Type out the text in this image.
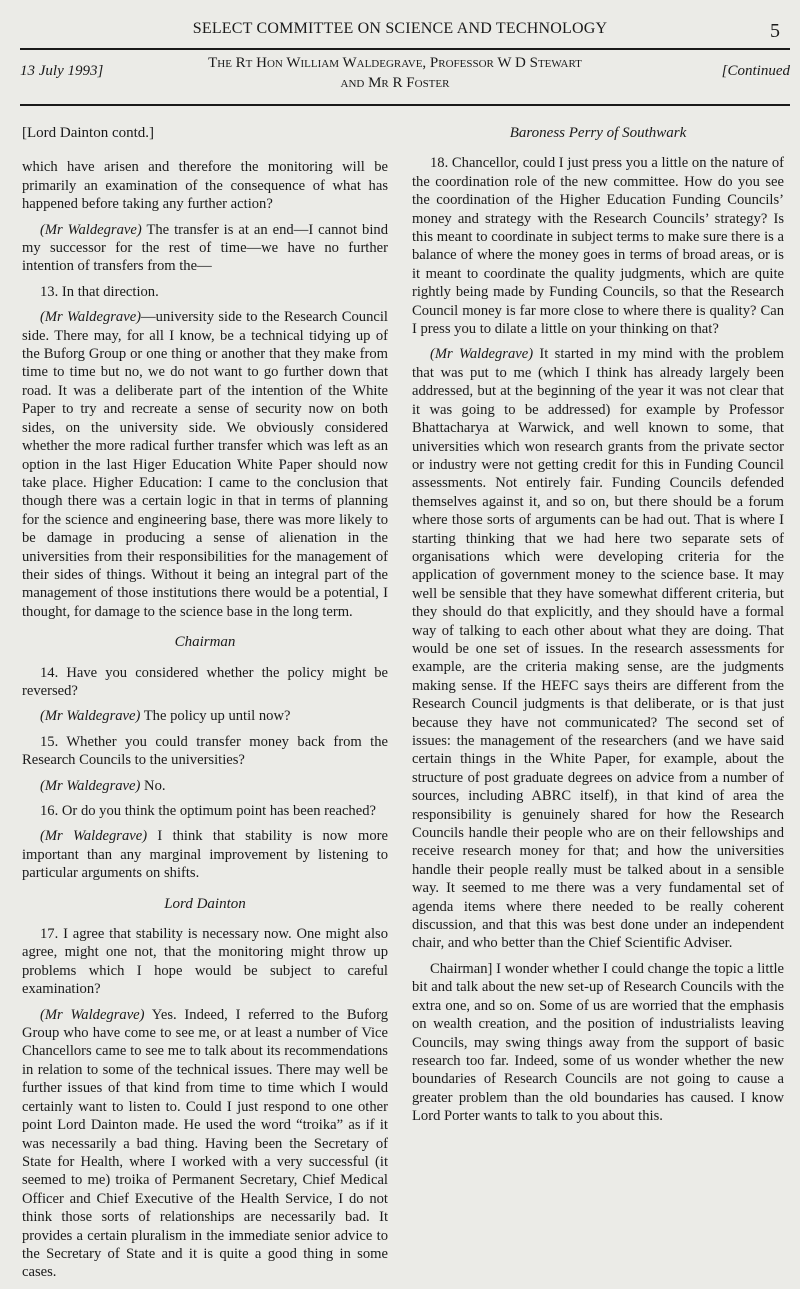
SELECT COMMITTEE ON SCIENCE AND TECHNOLOGY	5
13 July 1993]	The Rt Hon William Waldegrave, Professor W D Stewart
and Mr R Foster
[Continued
[Lord Dainton contd.]

which have arisen and therefore the monitoring will be primarily an examination of the consequence of what has happened before taking any further action?

(Mr Waldegrave) The transfer is at an end—I cannot bind my successor for the rest of time—we have no further intention of transfers from the—

13. In that direction.

(Mr Waldegrave)—university side to the Research Council side. There may, for all I know, be a technical tidying up of the Buforg Group or one thing or another that they make from time to time but no, we do not want to go further down that road. It was a deliberate part of the intention of the White Paper to try and recreate a sense of security now on both sides, on the university side. We obviously considered whether the more radical further transfer which was left as an option in the last Higer Education White Paper should now take place. Higher Education: I came to the conclusion that though there was a certain logic in that in terms of planning for the science and engineering base, there was more likely to be damage in producing a sense of alienation in the universities from their responsibilities for the management of their sides of things. Without it being an integral part of the management of those institutions there would be a potential, I thought, for damage to the science base in the long term.

Chairman

14. Have you considered whether the policy might be reversed?

(Mr Waldegrave) The policy up until now?

15. Whether you could transfer money back from the Research Councils to the universities?

(Mr Waldegrave) No.

16. Or do you think the optimum point has been reached?

(Mr Waldegrave) I think that stability is now more important than any marginal improvement by listening to particular arguments on shifts.

Lord Dainton

17. I agree that stability is necessary now. One might also agree, might one not, that the monitoring might throw up problems which I hope would be subject to careful examination?

(Mr Waldegrave) Yes. Indeed, I referred to the Buforg Group who have come to see me, or at least a number of Vice Chancellors came to see me to talk about its recommendations in relation to some of the technical issues. There may well be further issues of that kind from time to time which I would certainly want to listen to. Could I just respond to one other point Lord Dainton made. He used the word “troika” as if it was necessarily a bad thing. Having been the Secretary of State for Health, where I worked with a very successful (it seemed to me) troika of Permanent Secretary, Chief Medical Officer and Chief Executive of the Health Service, I do not think those sorts of relationships are necessarily bad. It provides a certain pluralism in the immediate senior advice to the Secretary of State and it is quite a good thing in some cases.

Baroness Perry of Southwark

18. Chancellor, could I just press you a little on the nature of the coordination role of the new committee. How do you see the coordination of the Higher Education Funding Councils’ money and strategy with the Research Councils’ strategy? Is this meant to coordinate in subject terms to make sure there is a balance of where the money goes in terms of broad areas, or is it meant to coordinate the quality judgments, which are quite rightly being made by Funding Councils, so that the Research Council money is far more close to where there is quality? Can I press you to dilate a little on your thinking on that?

(Mr Waldegrave) It started in my mind with the problem that was put to me (which I think has already largely been addressed, but at the beginning of the year it was not clear that it was going to be addressed) for example by Professor Bhattacharya at Warwick, and well known to some, that universities which won research grants from the private sector or industry were not getting credit for this in Funding Council assessments. Not entirely fair. Funding Councils defended themselves against it, and so on, but there should be a forum where those sorts of arguments can be had out. That is where I starting thinking that we had here two separate sets of organisations which were developing criteria for the application of government money to the science base. It may well be sensible that they have somewhat different criteria, but they should do that explicitly, and they should have a formal way of talking to each other about what they are doing. That would be one set of issues. In the research assessments for example, are the criteria making sense, are the judgments making sense. If the HEFC says theirs are different from the Research Council judgments is that deliberate, or is that just because they have not communicated? The second set of issues: the management of the researchers (and we have said certain things in the White Paper, for example, about the structure of post graduate degrees on advice from a number of sources, including ABRC itself), in that kind of area the responsibility is genuinely shared for how the Research Councils handle their people who are on their fellowships and receive research money for that; and how the universities handle their people really must be talked about in a sensible way. It seemed to me there was a very fundamental set of agenda items where there needed to be really coherent discussion, and that this was best done under an independent chair, and who better than the Chief Scientific Adviser.

Chairman] I wonder whether I could change the topic a little bit and talk about the new set-up of Research Councils with the extra one, and so on. Some of us are worried that the emphasis on wealth creation, and the position of industrialists leaving Councils, may swing things away from the support of basic research too far. Indeed, some of us wonder whether the new boundaries of Research Councils are not going to cause a greater problem than the old boundaries has caused. I know Lord Porter wants to talk to you about this.
